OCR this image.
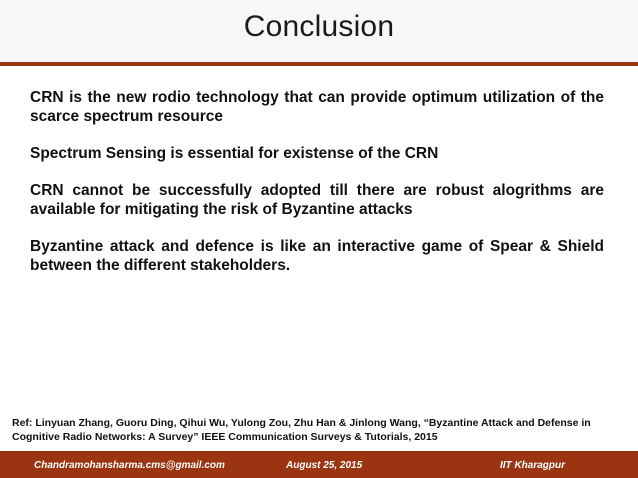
Conclusion

CRN is the new rodio technology that can provide optimum utilization of the scarce spectrum resource

Spectrum Sensing is essential for existense of the CRN

CRN cannot be successfully adopted till there are robust alogrithms are available for mitigating the risk of Byzantine attacks

Byzantine attack and defence is like an interactive game of Spear & Shield between the different stakeholders.

Ref: Linyuan Zhang, Guoru Ding, Qihui Wu, Yulong Zou, Zhu Han & Jinlong Wang, “Byzantine Attack and Defense in Cognitive Radio Networks: A Survey” IEEE Communication Surveys & Tutorials, 2015
Chandramohansharma.cms@gmail.com	August 25, 2015	IIT Kharagpur
